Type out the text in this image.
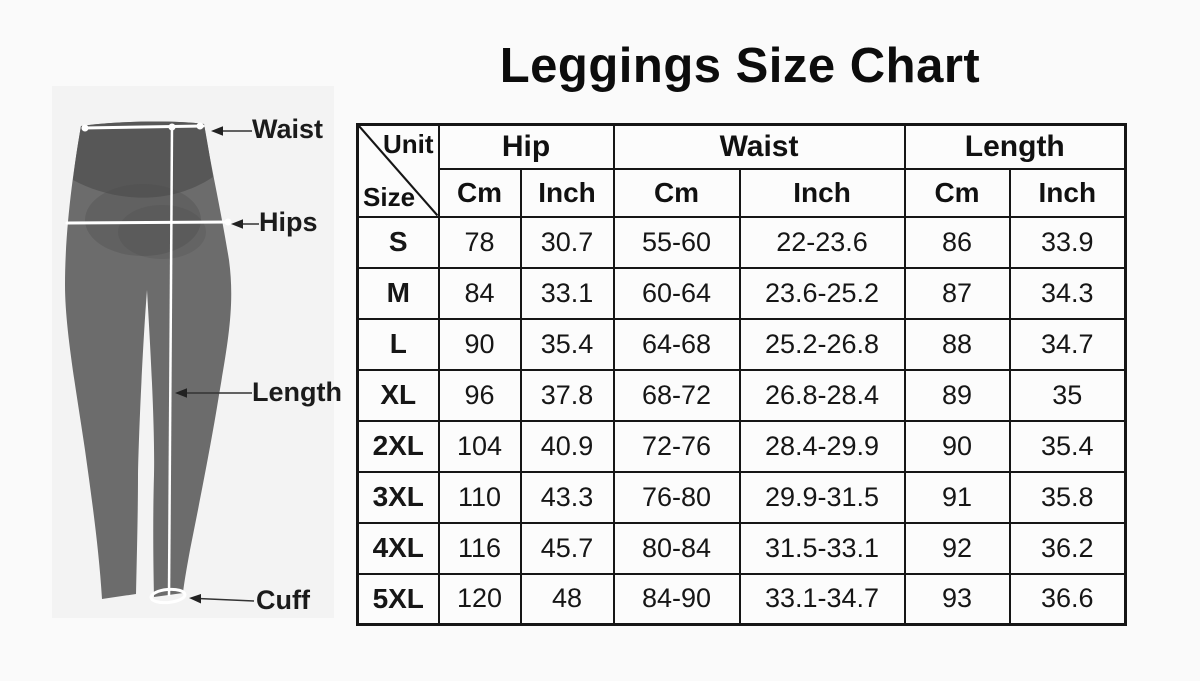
Leggings Size Chart
Waist
Hips
Length
Cuff
Unit
Size	Hip		Waist		Length	
	Cm	Inch	Cm	Inch	Cm	Inch
S	78	30.7	55-60	22-23.6	86	33.9
M	84	33.1	60-64	23.6-25.2	87	34.3
L	90	35.4	64-68	25.2-26.8	88	34.7
XL	96	37.8	68-72	26.8-28.4	89	35
2XL	104	40.9	72-76	28.4-29.9	90	35.4
3XL	110	43.3	76-80	29.9-31.5	91	35.8
4XL	116	45.7	80-84	31.5-33.1	92	36.2
5XL	120	48	84-90	33.1-34.7	93	36.6
